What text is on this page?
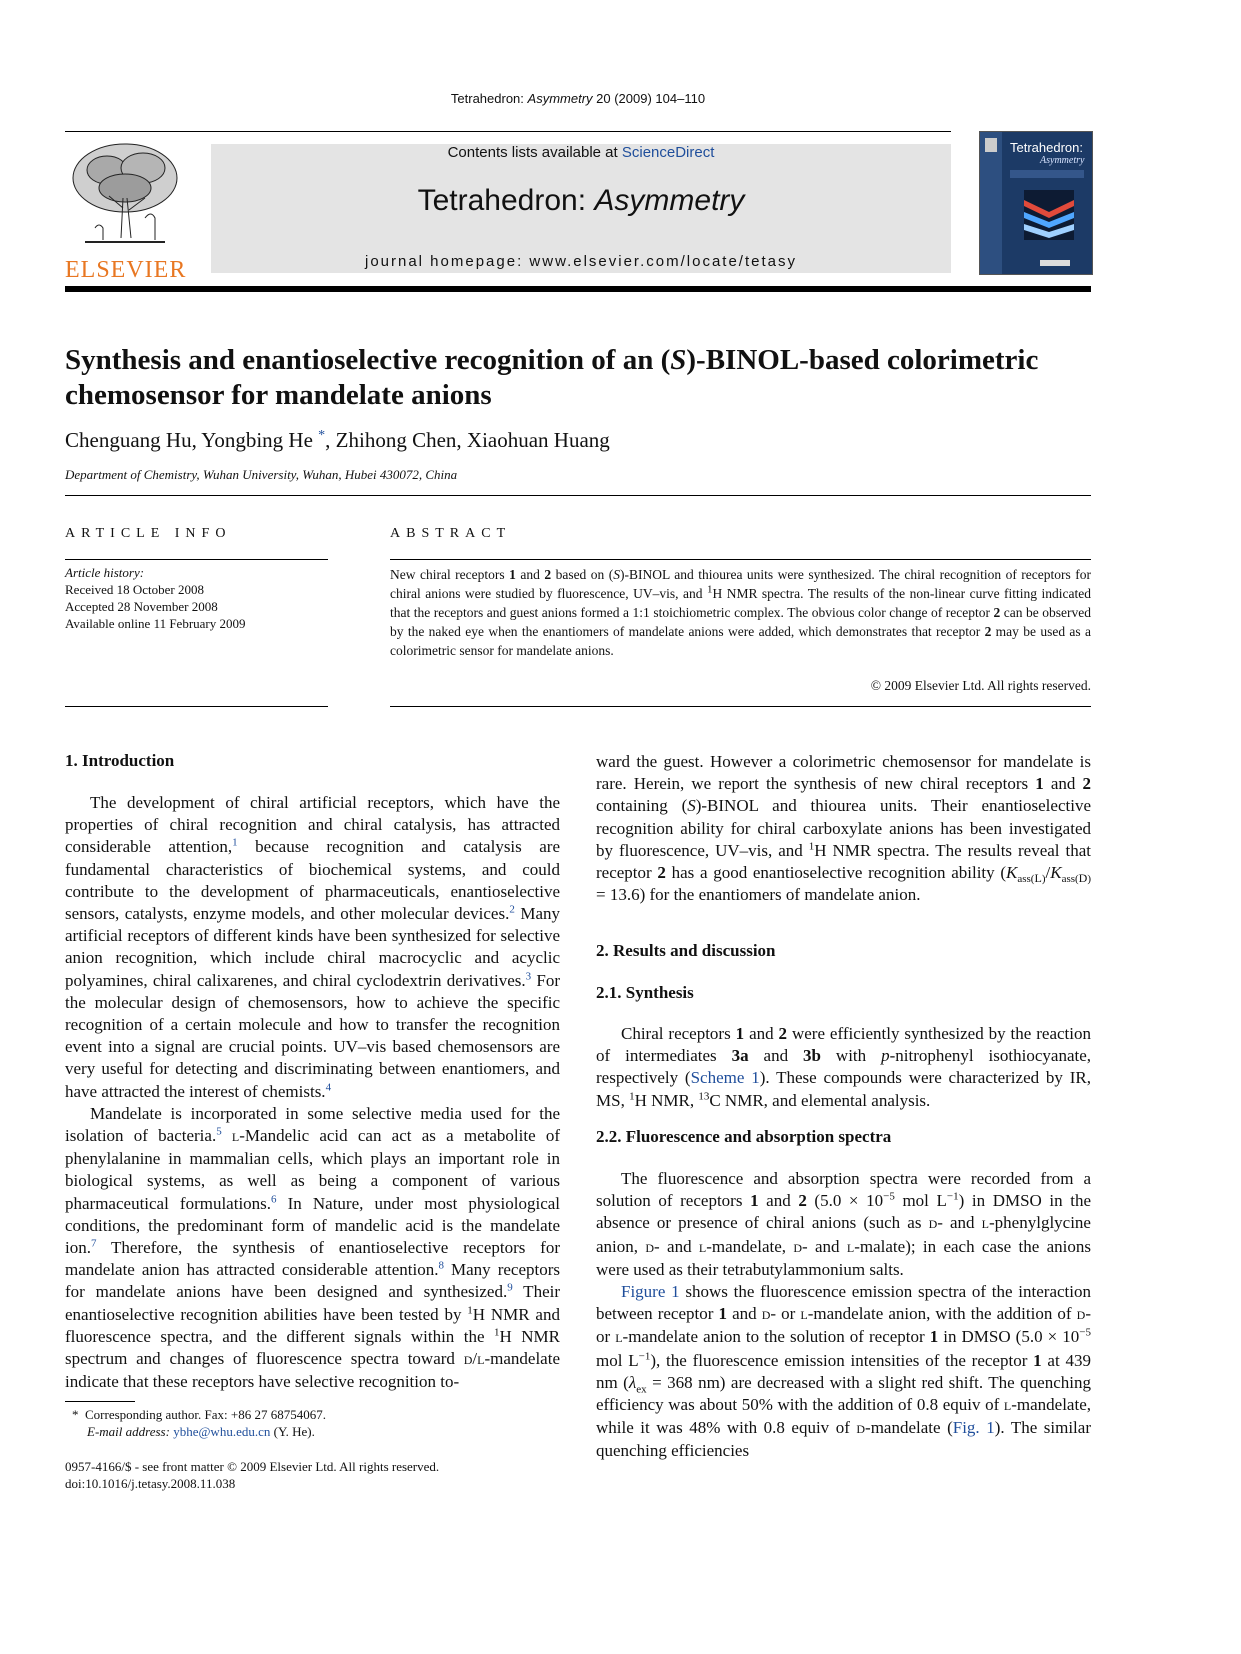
Tetrahedron: Asymmetry 20 (2009) 104–110
ELSEVIER
Contents lists available at ScienceDirect
Tetrahedron: Asymmetry
journal homepage: www.elsevier.com/locate/tetasy
Tetrahedron:
Asymmetry
Synthesis and enantioselective recognition of an (S)-BINOL-based colorimetric
chemosensor for mandelate anions
Chenguang Hu, Yongbing He *, Zhihong Chen, Xiaohuan Huang
Department of Chemistry, Wuhan University, Wuhan, Hubei 430072, China
ARTICLE INFO
Article history:
Received 18 October 2008
Accepted 28 November 2008
Available online 11 February 2009
ABSTRACT
New chiral receptors 1 and 2 based on (S)-BINOL and thiourea units were synthesized. The chiral recognition of receptors for chiral anions were studied by fluorescence, UV–vis, and $^1$H NMR spectra. The results of the non-linear curve fitting indicated that the receptors and guest anions formed a 1:1 stoichiometric complex. The obvious color change of receptor 2 can be observed by the naked eye when the enantiomers of mandelate anions were added, which demonstrates that receptor 2 may be used as a colorimetric sensor for mandelate anions.
© 2009 Elsevier Ltd. All rights reserved.
1. Introduction

The development of chiral artificial receptors, which have the properties of chiral recognition and chiral catalysis, has attracted considerable attention,$^1$ because recognition and catalysis are fundamental characteristics of biochemical systems, and could contribute to the development of pharmaceuticals, enantioselective sensors, catalysts, enzyme models, and other molecular devices.$^2$ Many artificial receptors of different kinds have been synthesized for selective anion recognition, which include chiral macrocyclic and acyclic polyamines, chiral calixarenes, and chiral cyclodextrin derivatives.$^3$ For the molecular design of chemosensors, how to achieve the specific recognition of a certain molecule and how to transfer the recognition event into a signal are crucial points. UV–vis based chemosensors are very useful for detecting and discriminating between enantiomers, and have attracted the interest of chemists.$^4$

Mandelate is incorporated in some selective media used for the isolation of bacteria.$^5$ L-Mandelic acid can act as a metabolite of phenylalanine in mammalian cells, which plays an important role in biological systems, as well as being a component of various pharmaceutical formulations.$^6$ In Nature, under most physiological conditions, the predominant form of mandelic acid is the mandelate ion.$^7$ Therefore, the synthesis of enantioselective receptors for mandelate anion has attracted considerable attention.$^8$ Many receptors for mandelate anions have been designed and synthesized.$^9$ Their enantioselective recognition abilities have been tested by $^1$H NMR and fluorescence spectra, and the different signals within the $^1$H NMR spectrum and changes of fluorescence spectra toward D/L-mandelate indicate that these receptors have selective recognition to-

* Corresponding author. Fax: +86 27 68754067.
E-mail address: ybhe@whu.edu.cn (Y. He).
0957-4166/$ - see front matter © 2009 Elsevier Ltd. All rights reserved.
doi:10.1016/j.tetasy.2008.11.038

ward the guest. However a colorimetric chemosensor for mandelate is rare. Herein, we report the synthesis of new chiral receptors 1 and 2 containing (S)-BINOL and thiourea units. Their enantioselective recognition ability for chiral carboxylate anions has been investigated by fluorescence, UV–vis, and $^1$H NMR spectra. The results reveal that receptor 2 has a good enantioselective recognition ability $(K_{ass(L)}/K_{ass(D)} = 13.6)$ for the enantiomers of mandelate anion.

2. Results and discussion
2.1. Synthesis

Chiral receptors 1 and 2 were efficiently synthesized by the reaction of intermediates 3a and 3b with p-nitrophenyl isothiocyanate, respectively (Scheme 1). These compounds were characterized by IR, MS, $^1$H NMR, $^{13}$C NMR, and elemental analysis.

2.2. Fluorescence and absorption spectra

The fluorescence and absorption spectra were recorded from a solution of receptors 1 and 2 ($5.0 \times 10^{-5}$ mol $L^{-1}$) in DMSO in the absence or presence of chiral anions (such as D- and L-phenylglycine anion, D- and L-mandelate, D- and L-malate); in each case the anions were used as their tetrabutylammonium salts.

Figure 1 shows the fluorescence emission spectra of the interaction between receptor 1 and D- or L-mandelate anion, with the addition of D- or L-mandelate anion to the solution of receptor 1 in DMSO ($5.0 \times 10^{-5}$ mol $L^{-1}$), the fluorescence emission intensities of the receptor 1 at 439 nm ($\lambda_{ex} = 368$ nm) are decreased with a slight red shift. The quenching efficiency was about 50% with the addition of 0.8 equiv of L-mandelate, while it was 48% with 0.8 equiv of D-mandelate (Fig. 1). The similar quenching efficiencies
